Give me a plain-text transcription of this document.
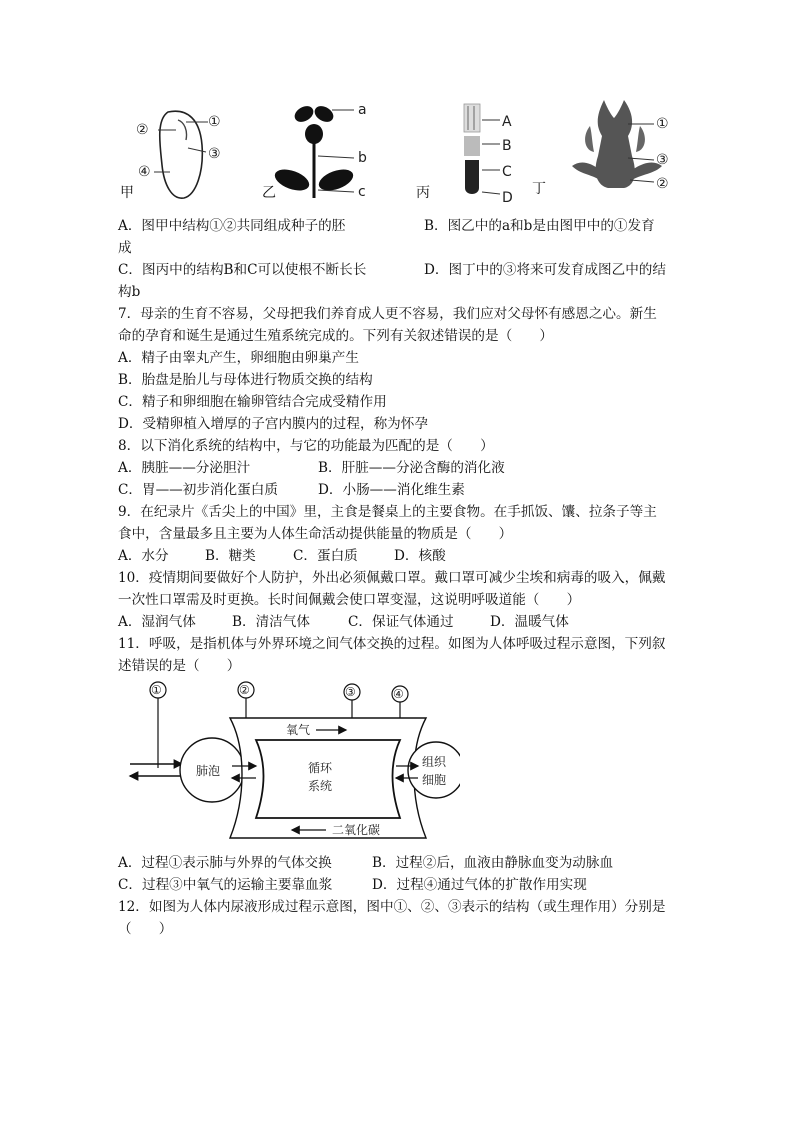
②	①
③
④
甲
a
b
c
乙
A
B
C
D
丙
①
③
②
丁
A．图甲中结构①②共同组成种子的胚	B．图乙中的a和b是由图甲中的①发育
成
C．图丙中的结构B和C可以使根不断长长	D．图丁中的③将来可发育成图乙中的结
构b
7．母亲的生育不容易，父母把我们养育成人更不容易，我们应对父母怀有感恩之心。新生
命的孕育和诞生是通过生殖系统完成的。下列有关叙述错误的是（　　）
A．精子由睾丸产生，卵细胞由卵巢产生
B．胎盘是胎儿与母体进行物质交换的结构
C．精子和卵细胞在输卵管结合完成受精作用
D．受精卵植入增厚的子宫内膜内的过程，称为怀孕
8．以下消化系统的结构中，与它的功能最为匹配的是（　　）
A．胰脏——分泌胆汁	B．肝脏——分泌含酶的消化液
C．胃——初步消化蛋白质	D．小肠——消化维生素
9．在纪录片《舌尖上的中国》里，主食是餐桌上的主要食物。在手抓饭、馕、拉条子等主
食中，含量最多且主要为人体生命活动提供能量的物质是（　　）
A．水分	B．糖类	C．蛋白质	D．核酸
10．疫情期间要做好个人防护，外出必须佩戴口罩。戴口罩可减少尘埃和病毒的吸入，佩戴
一次性口罩需及时更换。长时间佩戴会使口罩变湿，这说明呼吸道能（　　）
A．湿润气体	B．清洁气体	C．保证气体通过	D．温暖气体
11．呼吸，是指机体与外界环境之间气体交换的过程。如图为人体呼吸过程示意图，下列叙
述错误的是（　　）
①	②	③	④
肺泡	循环
系统
氧气
二氧化碳
组织
细胞
A．过程①表示肺与外界的气体交换	B．过程②后，血液由静脉血变为动脉血
C．过程③中氧气的运输主要靠血浆	D．过程④通过气体的扩散作用实现
12．如图为人体内尿液形成过程示意图，图中①、②、③表示的结构（或生理作用）分别是
（　　）
